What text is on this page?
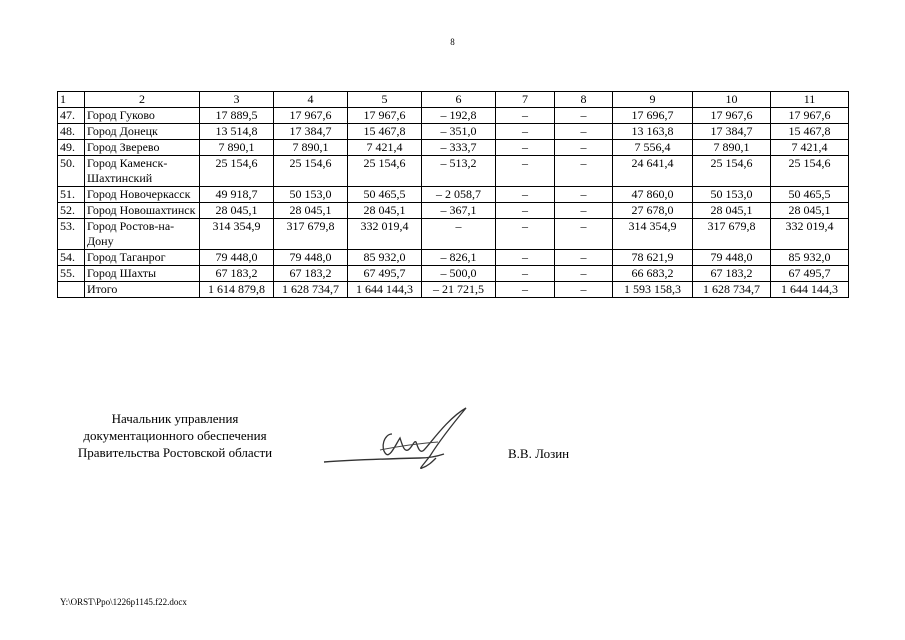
8
1	2	3	4	5	6	7	8	9	10	11
47.	Город Гуково	17 889,5	17 967,6	17 967,6	– 192,8	–	–	17 696,7	17 967,6	17 967,6
48.	Город Донецк	13 514,8	17 384,7	15 467,8	– 351,0	–	–	13 163,8	17 384,7	15 467,8
49.	Город Зверево	7 890,1	7 890,1	7 421,4	– 333,7	–	–	7 556,4	7 890,1	7 421,4
50.	Город Каменск-Шахтинский	25 154,6	25 154,6	25 154,6	– 513,2	–	–	24 641,4	25 154,6	25 154,6
51.	Город Новочеркасск	49 918,7	50 153,0	50 465,5	– 2 058,7	–	–	47 860,0	50 153,0	50 465,5
52.	Город Новошахтинск	28 045,1	28 045,1	28 045,1	– 367,1	–	–	27 678,0	28 045,1	28 045,1
53.	Город Ростов-на-Дону	314 354,9	317 679,8	332 019,4	–	–	–	314 354,9	317 679,8	332 019,4
54.	Город Таганрог	79 448,0	79 448,0	85 932,0	– 826,1	–	–	78 621,9	79 448,0	85 932,0
55.	Город Шахты	67 183,2	67 183,2	67 495,7	– 500,0	–	–	66 683,2	67 183,2	67 495,7
	Итого	1 614 879,8	1 628 734,7	1 644 144,3	– 21 721,5	–	–	1 593 158,3	1 628 734,7	1 644 144,3
Начальник управления
документационного обеспечения
Правительства Ростовской области	В.В. Лозин
Y:\ORST\Ppo\1226p1145.f22.docx
